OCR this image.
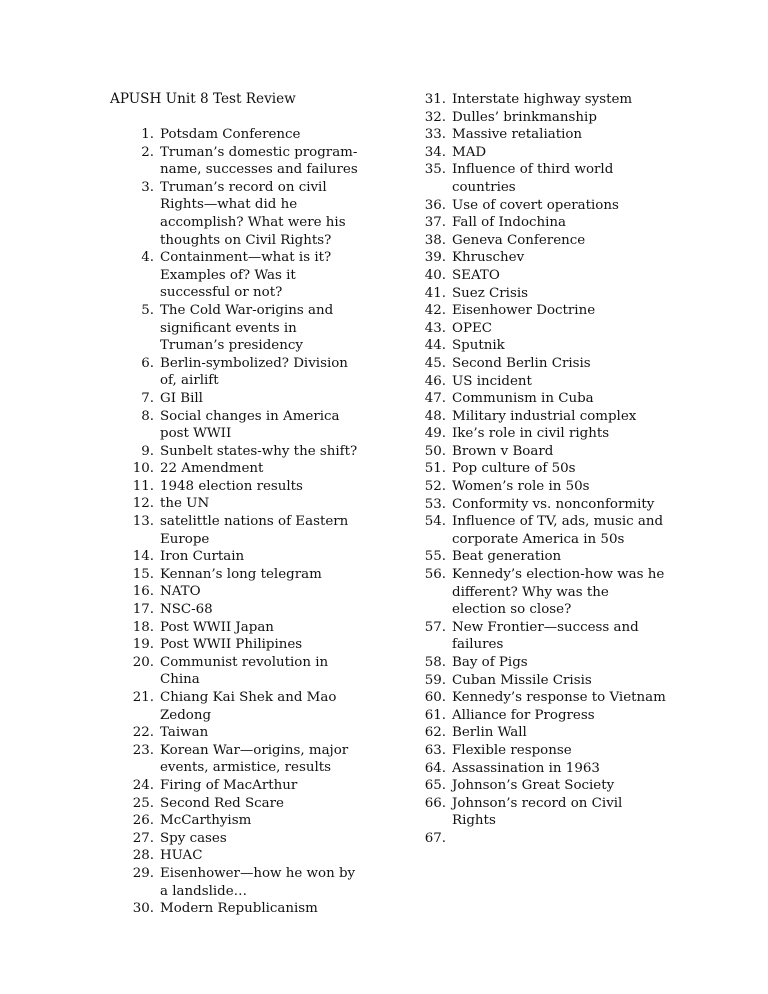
APUSH Unit 8 Test Review
1. Potsdam Conference
2. Truman’s domestic program-name, successes and failures
3. Truman’s record on civil Rights—what did he accomplish? What were his thoughts on Civil Rights?
4. Containment—what is it? Examples of? Was it successful or not?
5. The Cold War-origins and significant events in Truman’s presidency
6. Berlin-symbolized? Division of, airlift
7. GI Bill
8. Social changes in America post WWII
9. Sunbelt states-why the shift?
10. 22 Amendment
11. 1948 election results
12. the UN
13. satelittle nations of Eastern Europe
14. Iron Curtain
15. Kennan’s long telegram
16. NATO
17. NSC-68
18. Post WWII Japan
19. Post WWII Philipines
20. Communist revolution in China
21. Chiang Kai Shek and Mao Zedong
22. Taiwan
23. Korean War—origins, major events, armistice, results
24. Firing of MacArthur
25. Second Red Scare
26. McCarthyism
27. Spy cases
28. HUAC
29. Eisenhower—how he won by a landslide…
30. Modern Republicanism
31. Interstate highway system
32. Dulles’ brinkmanship
33. Massive retaliation
34. MAD
35. Influence of third world countries
36. Use of covert operations
37. Fall of Indochina
38. Geneva Conference
39. Khruschev
40. SEATO
41. Suez Crisis
42. Eisenhower Doctrine
43. OPEC
44. Sputnik
45. Second Berlin Crisis
46. US incident
47. Communism in Cuba
48. Military industrial complex
49. Ike’s role in civil rights
50. Brown v Board
51. Pop culture of 50s
52. Women’s role in 50s
53. Conformity vs. nonconformity
54. Influence of TV, ads, music and corporate America in 50s
55. Beat generation
56. Kennedy’s election-how was he different? Why was the election so close?
57. New Frontier—success and failures
58. Bay of Pigs
59. Cuban Missile Crisis
60. Kennedy’s response to Vietnam
61. Alliance for Progress
62. Berlin Wall
63. Flexible response
64. Assassination in 1963
65. Johnson’s Great Society
66. Johnson’s record on Civil Rights
67.
